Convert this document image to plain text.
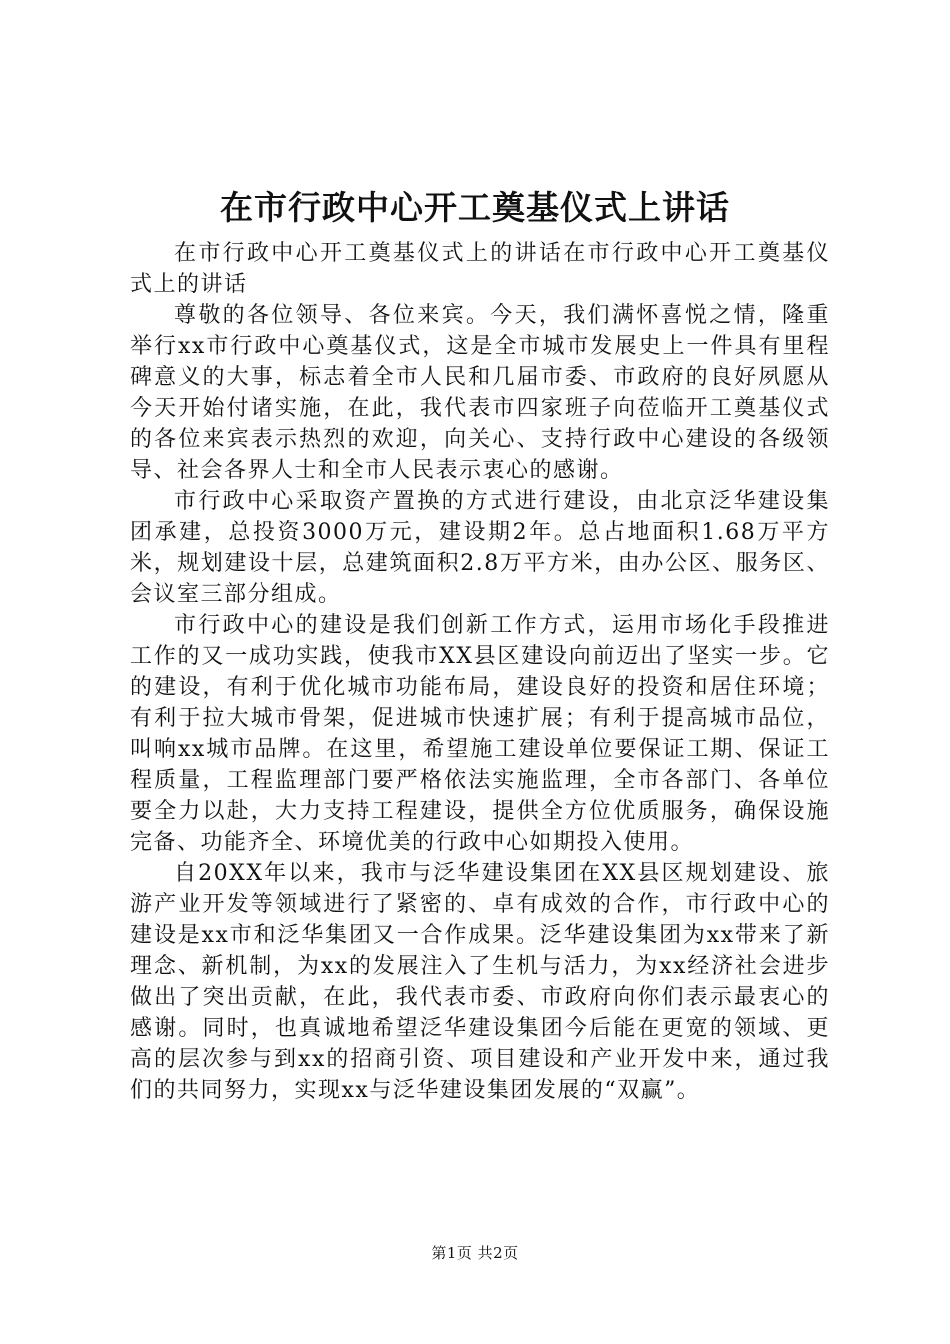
在市行政中心开工奠基仪式上讲话

在市行政中心开工奠基仪式上的讲话在市行政中心开工奠基仪式上的讲话

尊敬的各位领导、各位来宾。今天，我们满怀喜悦之情，隆重举行xx市行政中心奠基仪式，这是全市城市发展史上一件具有里程碑意义的大事，标志着全市人民和几届市委、市政府的良好夙愿从今天开始付诸实施，在此，我代表市四家班子向莅临开工奠基仪式的各位来宾表示热烈的欢迎，向关心、支持行政中心建设的各级领导、社会各界人士和全市人民表示衷心的感谢。

市行政中心采取资产置换的方式进行建设，由北京泛华建设集团承建，总投资3000万元，建设期2年。总占地面积1.68万平方米，规划建设十层，总建筑面积2.8万平方米，由办公区、服务区、会议室三部分组成。

市行政中心的建设是我们创新工作方式，运用市场化手段推进工作的又一成功实践，使我市XX县区建设向前迈出了坚实一步。它的建设，有利于优化城市功能布局，建设良好的投资和居住环境；有利于拉大城市骨架，促进城市快速扩展；有利于提高城市品位，叫响xx城市品牌。在这里，希望施工建设单位要保证工期、保证工程质量，工程监理部门要严格依法实施监理，全市各部门、各单位要全力以赴，大力支持工程建设，提供全方位优质服务，确保设施完备、功能齐全、环境优美的行政中心如期投入使用。

自20XX年以来，我市与泛华建设集团在XX县区规划建设、旅游产业开发等领域进行了紧密的、卓有成效的合作，市行政中心的建设是xx市和泛华集团又一合作成果。泛华建设集团为xx带来了新理念、新机制，为xx的发展注入了生机与活力，为xx经济社会进步做出了突出贡献，在此，我代表市委、市政府向你们表示最衷心的感谢。同时，也真诚地希望泛华建设集团今后能在更宽的领域、更高的层次参与到xx的招商引资、项目建设和产业开发中来，通过我们的共同努力，实现xx与泛华建设集团发展的“双赢”。

第1页 共2页
